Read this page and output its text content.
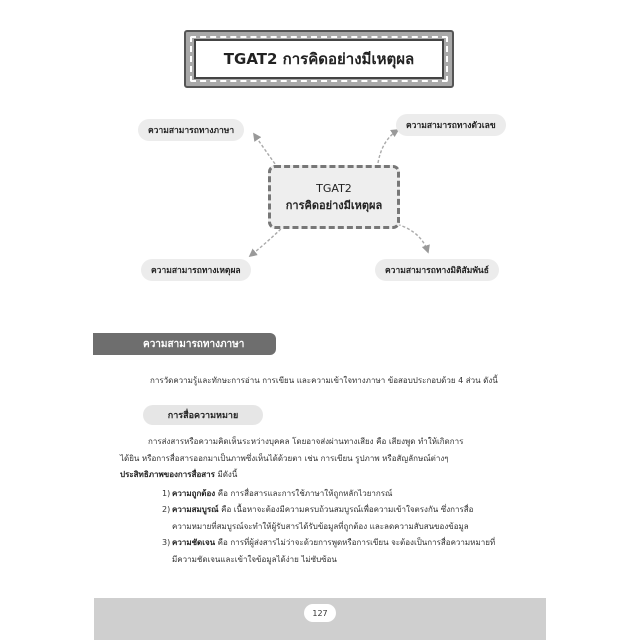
TGAT2 การคิดอย่างมีเหตุผล
ความสามารถทางภาษา	ความสามารถทางตัวเลข
ความสามารถทางเหตุผล	ความสามารถทางมิติสัมพันธ์
TGAT2
การคิดอย่างมีเหตุผล
ความสามารถทางภาษา
การวัดความรู้และทักษะการอ่าน การเขียน และความเข้าใจทางภาษา ข้อสอบประกอบด้วย 4 ส่วน ดังนี้
การสื่อความหมาย

การส่งสารหรือความคิดเห็นระหว่างบุคคล โดยอาจส่งผ่านทางเสียง คือ เสียงพูด ทำให้เกิดการ

ได้ยิน หรือการสื่อสารออกมาเป็นภาพซึ่งเห็นได้ด้วยตา เช่น การเขียน รูปภาพ หรือสัญลักษณ์ต่างๆ

ประสิทธิภาพของการสื่อสาร มีดังนี้

1) ความถูกต้อง คือ การสื่อสารและการใช้ภาษาให้ถูกหลักไวยากรณ์
2) ความสมบูรณ์ คือ เนื้อหาจะต้องมีความครบถ้วนสมบูรณ์เพื่อความเข้าใจตรงกัน ซึ่งการสื่อ
ความหมายที่สมบูรณ์จะทำให้ผู้รับสารได้รับข้อมูลที่ถูกต้อง และลดความสับสนของข้อมูล
3) ความชัดเจน คือ การที่ผู้ส่งสารไม่ว่าจะด้วยการพูดหรือการเขียน จะต้องเป็นการสื่อความหมายที่
มีความชัดเจนและเข้าใจข้อมูลได้ง่าย ไม่ซับซ้อน
127
